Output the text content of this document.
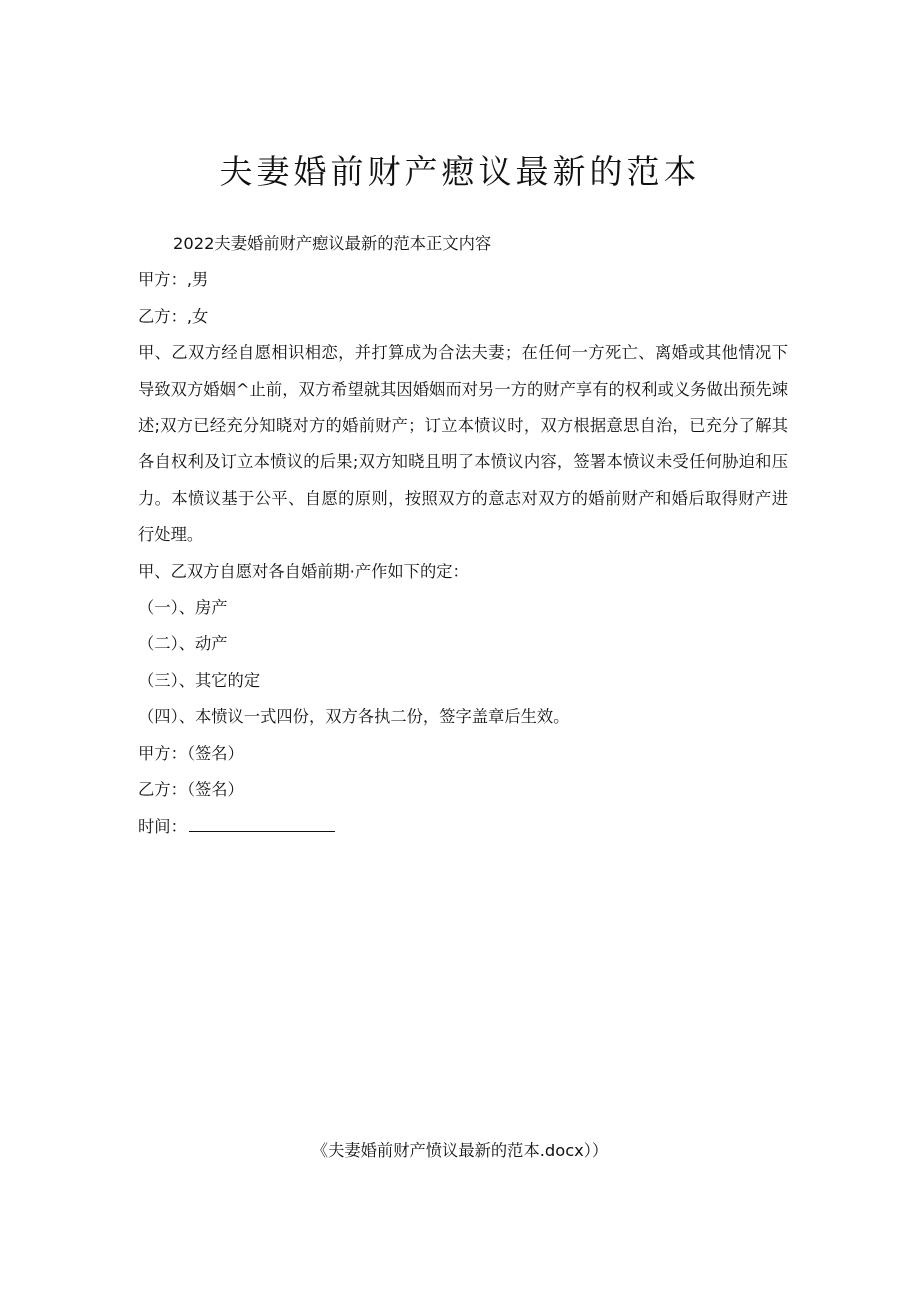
夫妻婚前财产瘛议最新的范本

2022夫妻婚前财产瘛议最新的范本正文内容

甲方：,男

乙方：,女

甲、乙双方经自愿相识相恋，并打算成为合法夫妻；在任何一方死亡、离婚或其他情况下导致双方婚姻^止前，双方希望就其因婚姻而对另一方的财产享有的权利或义务做出预先竦述;双方已经充分知晓对方的婚前财产；订立本愤议时，双方根据意思自治，已充分了解其各自权利及订立本愤议的后果;双方知晓且明了本愤议内容，签署本愤议未受任何胁迫和压力。本愤议基于公平、自愿的原则，按照双方的意志对双方的婚前财产和婚后取得财产进行处理。

甲、乙双方自愿对各自婚前期·产作如下的定：

（一）、房产

（二）、动产

（三）、其它的定

（四）、本愤议一式四份，双方各执二份，签字盖章后生效。

甲方：（签名）

乙方：（签名）

时间：

《夫妻婚前财产愤议最新的范本.docx））
